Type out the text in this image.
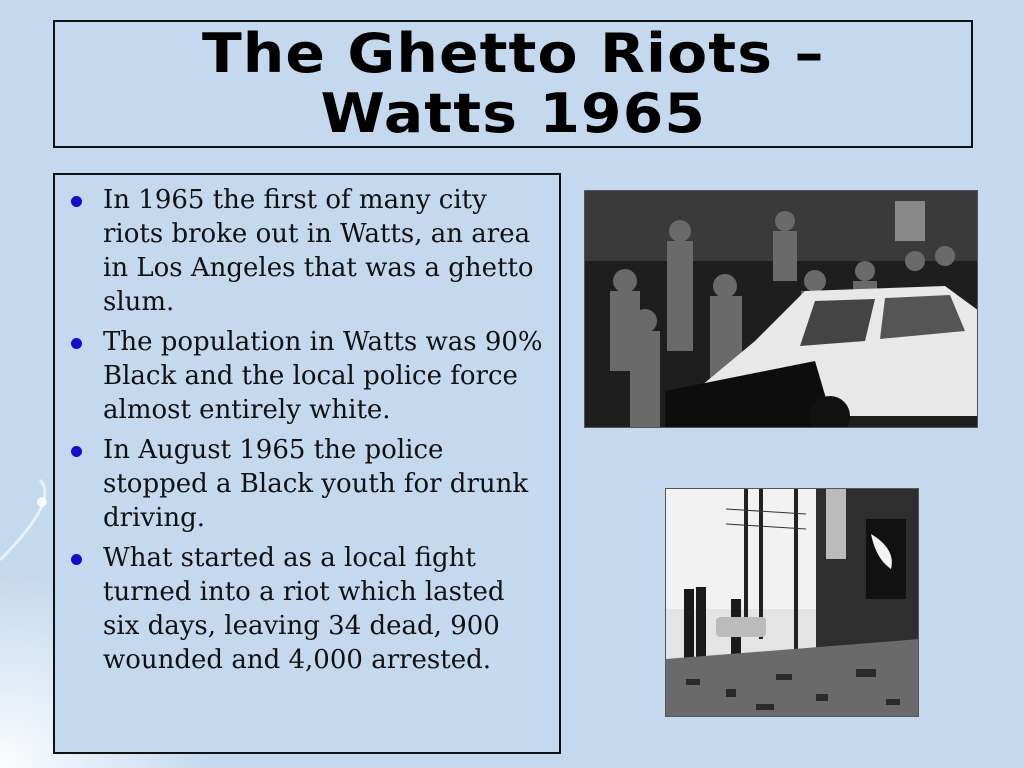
The Ghetto Riots –
Watts 1965
In 1965 the first of many city riots broke out in Watts, an area in Los Angeles that was a ghetto slum.
The population in Watts was 90% Black and the local police force almost entirely white.
In August 1965 the police stopped a Black youth for drunk driving.
What started as a local fight turned into a riot which lasted six days, leaving 34 dead, 900 wounded and 4,000 arrested.
